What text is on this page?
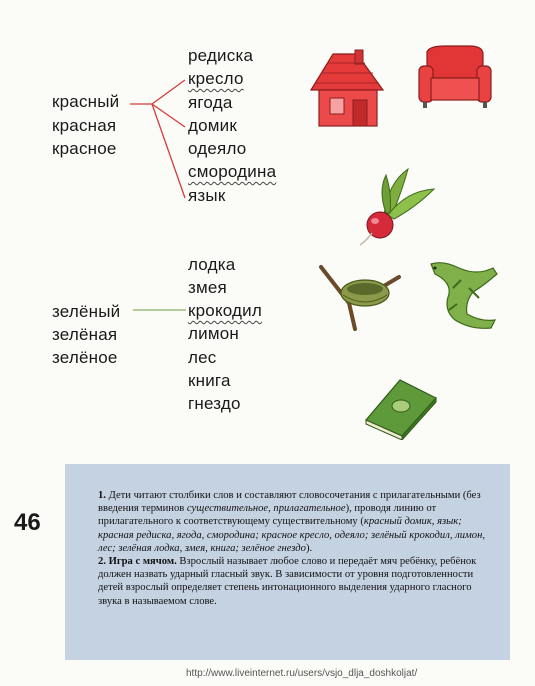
красный
красная
красное
редиска
кресло
ягода
домик
одеяло
смородина
язык
зелёный
зелёная
зелёное
лодка
змея
крокодил
лимон
лес
книга
гнездо

1. Дети читают столбики слов и составляют словосочетания с прилагательными (без введения терминов существительное, прилагательное), проводя линию от прилагательного к соответствующему существительному (красный домик, язык; красная редиска, ягода, смородина; красное кресло, одеяло; зелёный крокодил, лимон, лес; зелёная лодка, змея, книга; зелёное гнездо).

2. Игра с мячом. Взрослый называет любое слово и передаёт мяч ребёнку, ребёнок должен назвать ударный гласный звук. В зависимости от уровня подготовленности детей взрослый определяет степень интонационного выделения ударного гласного звука в называемом слове.

46
http://www.liveinternet.ru/users/vsjo_dlja_doshkoljat/
